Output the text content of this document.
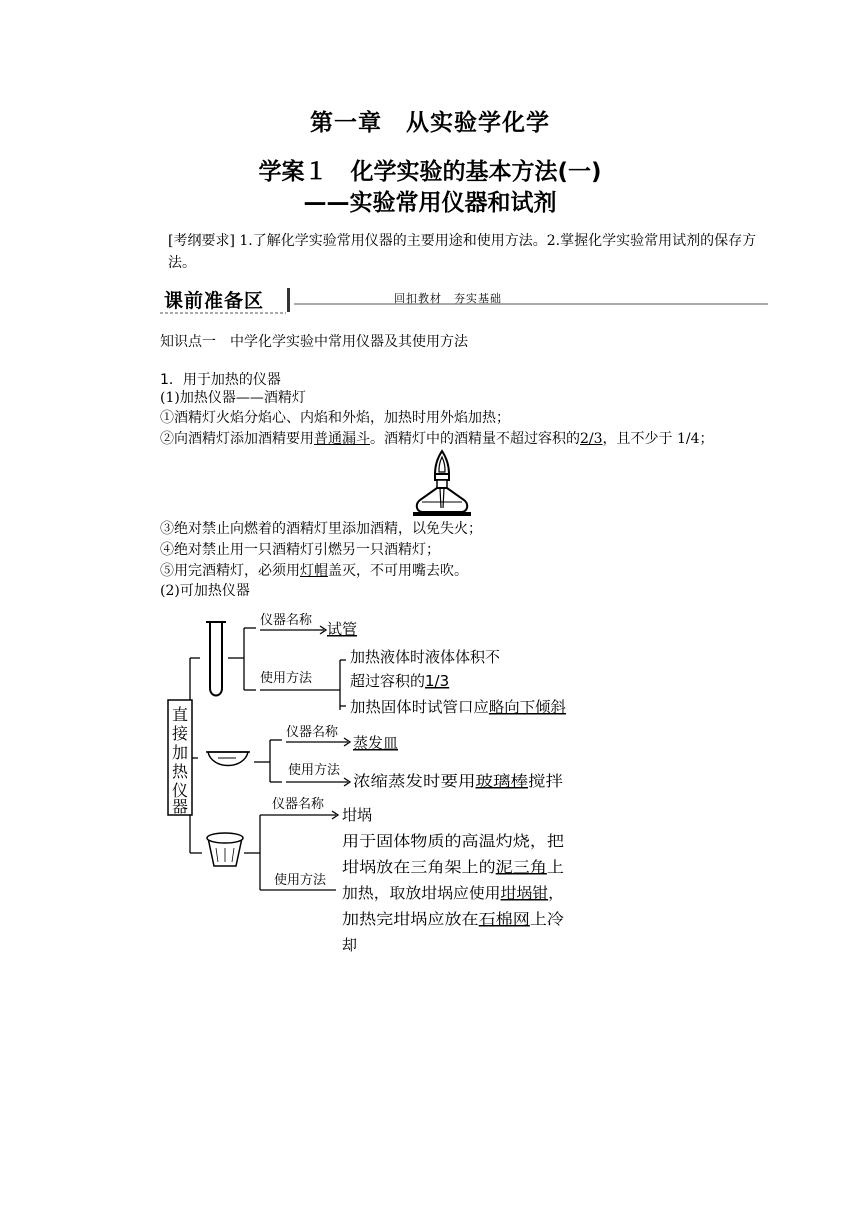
第一章　从实验学化学
学案１　化学实验的基本方法(一)
——实验常用仪器和试剂
[考纲要求] 1.了解化学实验常用仪器的主要用途和使用方法。2.掌握化学实验常用试剂的保存方法。
课前准备区	回扣教材　夯实基础
知识点一　中学化学实验中常用仪器及其使用方法
1．用于加热的仪器
(1)加热仪器——酒精灯
①酒精灯火焰分焰心、内焰和外焰，加热时用外焰加热；
②向酒精灯添加酒精要用普通漏斗。酒精灯中的酒精量不超过容积的2/3，且不少于 1/4；
③绝对禁止向燃着的酒精灯里添加酒精，以免失火；
④绝对禁止用一只酒精灯引燃另一只酒精灯；
⑤用完酒精灯，必须用灯帽盖灭，不可用嘴去吹。
(2)可加热仪器
直
接
加
热
仪
器
仪器名称
使用方法
试管
加热液体时液体体积不
超过容积的1/3
加热固体时试管口应 略向下倾斜
仪器名称
使用方法
蒸发皿
浓缩蒸发时要用 玻璃棒 搅拌
仪器名称
使用方法
坩埚
用于固体物质的高温灼烧，把
坩埚放在三角架上的 泥三角 上
加热，取放坩埚应使用 坩埚钳 ，
加热完坩埚应放在 石棉网 上冷
却
